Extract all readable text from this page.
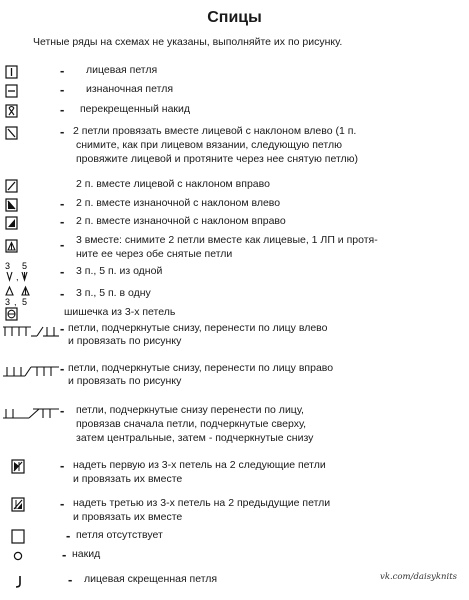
Спицы
Четные ряды на схемах не указаны, выполняйте их по рисунку.
- лицевая петля
- изнаночная петля
- перекрещенный накид
- 2 петли провязать вместе лицевой с наклоном влево (1 п.
снимите, как при лицевом вязании, следующую петлю
провяжите лицевой и протяните через нее снятую петлю)
2 п. вместе лицевой с наклоном вправо
- 2 п. вместе изнаночной с наклоном влево
- 2 п. вместе изнаночной с наклоном вправо
- 3 вместе: снимите 2 петли вместе как лицевые, 1 ЛП и протя-
ните ее через обе снятые петли
3 5
,	- 3 п., 5 п. из одной
3 , 5
- 3 п., 5 п. в одну
шишечка из 3-х петель
- петли, подчеркнутые снизу, перенести по лицу влево
и провязать по рисунку
- петли, подчеркнутые снизу, перенести по лицу вправо
и провязать по рисунку
- петли, подчеркнутые снизу перенести по лицу,
провязав сначала петли, подчеркнутые сверху,
затем центральные, затем - подчеркнутые снизу
- надеть первую из 3-х петель на 2 следующие петли
и провязать их вместе
- надеть третью из 3-х петель на 2 предыдущие петли
и провязать их вместе
- петля отсутствует
- накид
- лицевая скрещенная петля	vk.com/daisyknits
